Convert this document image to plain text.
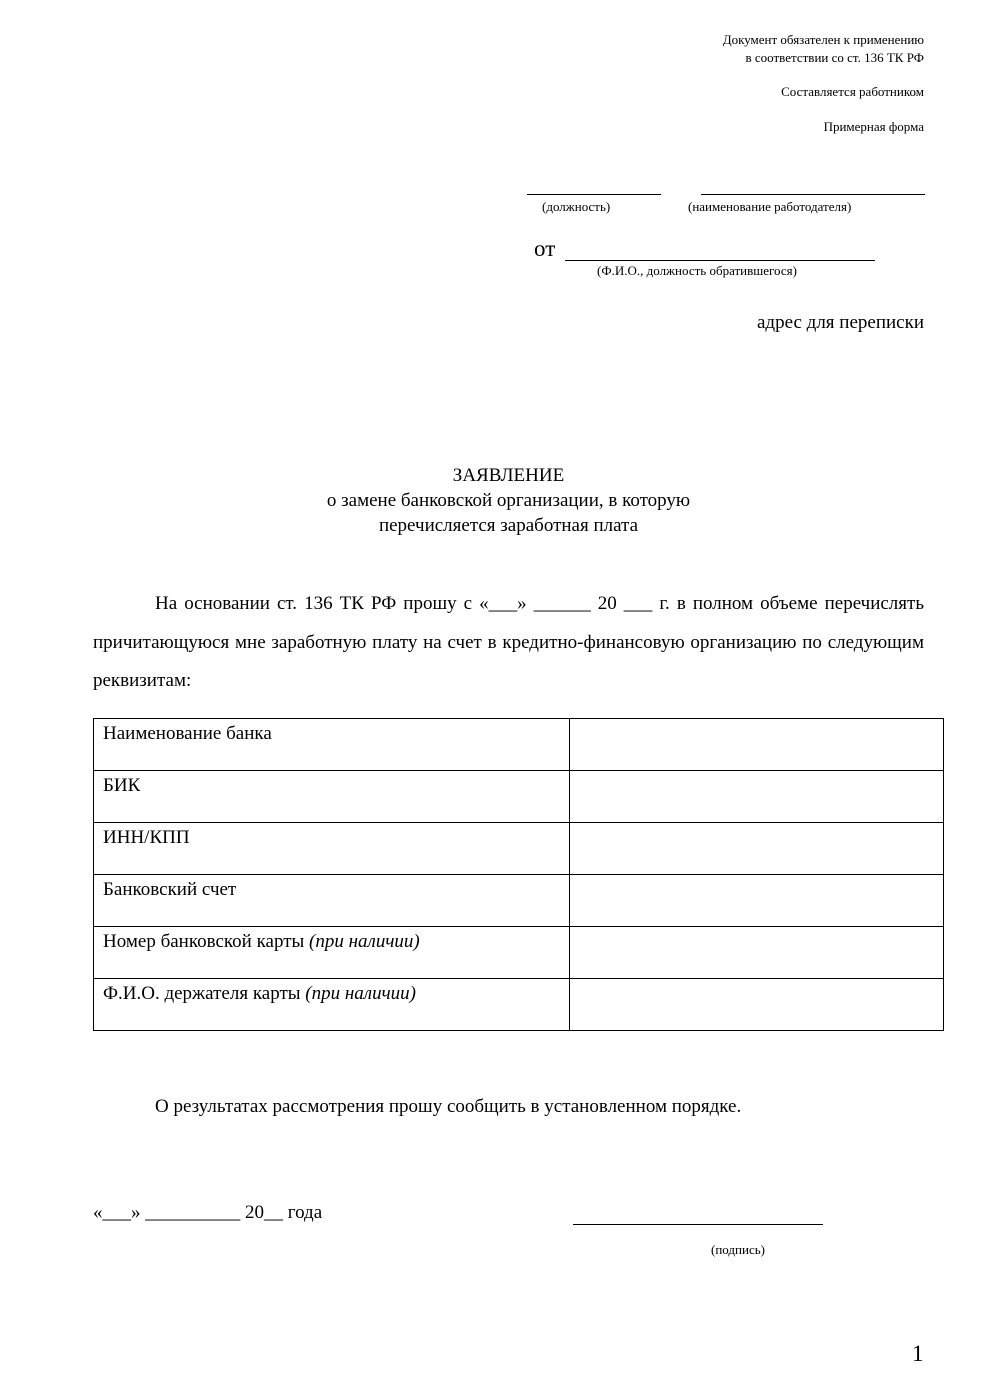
Документ обязателен к применению
в соответствии со ст. 136 ТК РФ
Составляется работником
Примерная форма
(должность)	(наименование работодателя)
от
(Ф.И.О., должность обратившегося)
адрес для переписки
ЗАЯВЛЕНИЕ
о замене банковской организации, в которую
перечисляется заработная плата
На основании ст. 136 ТК РФ прошу с «___» ______ 20 ___ г. в полном объеме перечислять причитающуюся мне заработную плату на счет в кредитно-финансовую организацию по следующим реквизитам:
Наименование банка	
БИК	
ИНН/КПП	
Банковский счет	
Номер банковской карты (при наличии)	
Ф.И.О. держателя карты (при наличии)	
О результатах рассмотрения прошу сообщить в установленном порядке.
«___» __________ 20__ года
(подпись)
1
